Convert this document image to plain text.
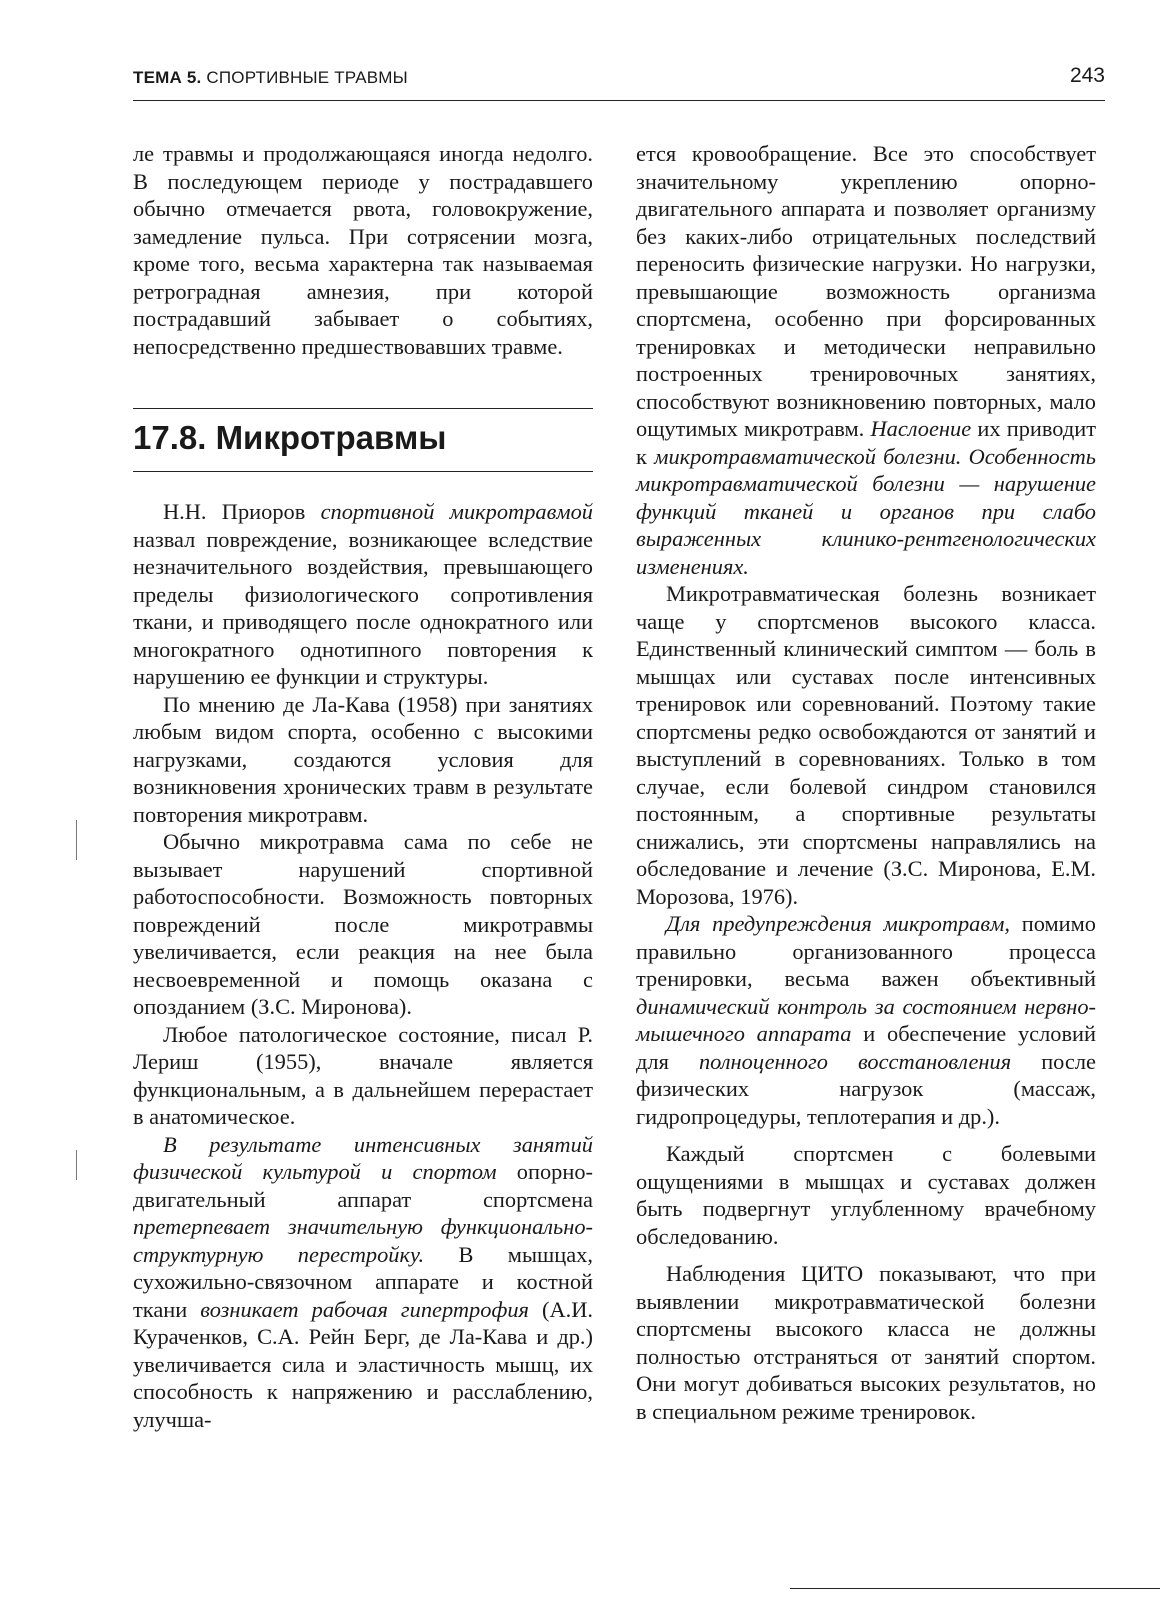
ТЕМА 5. СПОРТИВНЫЕ ТРАВМЫ	243

ле травмы и продолжающаяся иногда недолго. В последующем периоде у пострадавшего обычно отмечается рвота, головокружение, замедление пульса. При сотрясении мозга, кроме того, весьма характерна так называемая ретроградная амнезия, при которой пострадавший забывает о событиях, непосредственно предшествовавших травме.

17.8. Микротравмы

Н.Н. Приоров спортивной микротравмой назвал повреждение, возникающее вследствие незначительного воздействия, превышающего пределы физиологического сопротивления ткани, и приводящего после однократного или многократного однотипного повторения к нарушению ее функции и структуры.

По мнению де Ла-Кава (1958) при занятиях любым видом спорта, особенно с высокими нагрузками, создаются условия для возникновения хронических травм в результате повторения микротравм.

Обычно микротравма сама по себе не вызывает нарушений спортивной работоспособности. Возможность повторных повреждений после микротравмы увеличивается, если реакция на нее была несвоевременной и помощь оказана с опозданием (З.С. Миронова).

Любое патологическое состояние, писал Р. Лериш (1955), вначале является функциональным, а в дальнейшем перерастает в анатомическое.

В результате интенсивных занятий физической культурой и спортом опорно-двигательный аппарат спортсмена претерпевает значительную функционально-структурную перестройку. В мышцах, сухожильно-связочном аппарате и костной ткани возникает рабочая гипертрофия (А.И. Кураченков, С.А. Рейн Берг, де Ла-Кава и др.) увеличивается сила и эластичность мышц, их способность к напряжению и расслаблению, улучша-

ется кровообращение. Все это способствует значительному укреплению опорно-двигательного аппарата и позволяет организму без каких-либо отрицательных последствий переносить физические нагрузки. Но нагрузки, превышающие возможность организма спортсмена, особенно при форсированных тренировках и методически неправильно построенных тренировочных занятиях, способствуют возникновению повторных, мало ощутимых микротравм. Наслоение их приводит к микротравматической болезни. Особенность микротравматической болезни — нарушение функций тканей и органов при слабо выраженных клинико-рентгенологических изменениях.

Микротравматическая болезнь возникает чаще у спортсменов высокого класса. Единственный клинический симптом — боль в мышцах или суставах после интенсивных тренировок или соревнований. Поэтому такие спортсмены редко освобождаются от занятий и выступлений в соревнованиях. Только в том случае, если болевой синдром становился постоянным, а спортивные результаты снижались, эти спортсмены направлялись на обследование и лечение (З.С. Миронова, Е.М. Морозова, 1976).

Для предупреждения микротравм, помимо правильно организованного процесса тренировки, весьма важен объективный динамический контроль за состоянием нервно-мышечного аппарата и обеспечение условий для полноценного восстановления после физических нагрузок (массаж, гидропроцедуры, теплотерапия и др.).

Каждый спортсмен с болевыми ощущениями в мышцах и суставах должен быть подвергнут углубленному врачебному обследованию.

Наблюдения ЦИТО показывают, что при выявлении микротравматической болезни спортсмены высокого класса не должны полностью отстраняться от занятий спортом. Они могут добиваться высоких результатов, но в специальном режиме тренировок.
